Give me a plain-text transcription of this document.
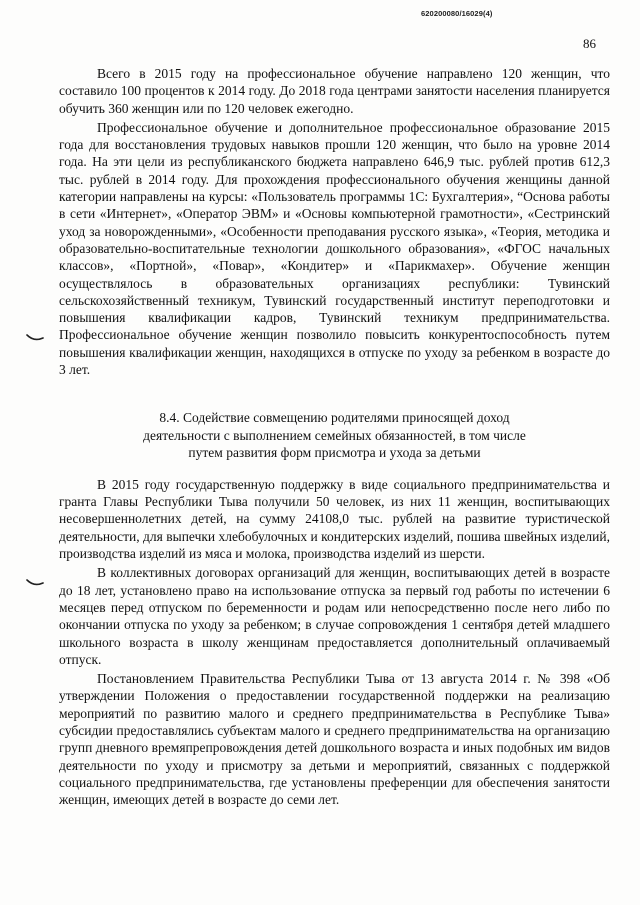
620200080/16029(4)
86

Всего в 2015 году на профессиональное обучение направлено 120 женщин, что составило 100 процентов к 2014 году. До 2018 года центрами занятости населения планируется обучить 360 женщин или по 120 человек ежегодно.

Профессиональное обучение и дополнительное профессиональное образование 2015 года для восстановления трудовых навыков прошли 120 женщин, что было на уровне 2014 года. На эти цели из республиканского бюджета направлено 646,9 тыс. рублей против 612,3 тыс. рублей в 2014 году. Для прохождения профессионального обучения женщины данной категории направлены на курсы: «Пользователь программы 1С: Бухгалтерия», “Основа работы в сети «Интернет», «Оператор ЭВМ» и «Основы компьютерной грамотности», «Сестринский уход за новорожденными», «Особенности преподавания русского языка», «Теория, методика и образовательно-воспитательные технологии дошкольного образования», «ФГОС начальных классов», «Портной», «Повар», «Кондитер» и «Парикмахер». Обучение женщин осуществлялось в образовательных организациях республики: Тувинский сельскохозяйственный техникум, Тувинский государственный институт переподготовки и повышения квалификации кадров, Тувинский техникум предпринимательства. Профессиональное обучение женщин позволило повысить конкурентоспособность путем повышения квалификации женщин, находящихся в отпуске по уходу за ребенком в возрасте до 3 лет.

8.4. Содействие совмещению родителями приносящей доход
деятельности с выполнением семейных обязанностей, в том числе
путем развития форм присмотра и ухода за детьми

В 2015 году государственную поддержку в виде социального предпринимательства и гранта Главы Республики Тыва получили 50 человек, из них 11 женщин, воспитывающих несовершеннолетних детей, на сумму 24108,0 тыс. рублей на развитие туристической деятельности, для выпечки хлебобулочных и кондитерских изделий, пошива швейных изделий, производства изделий из мяса и молока, производства изделий из шерсти.

В коллективных договорах организаций для женщин, воспитывающих детей в возрасте до 18 лет, установлено право на использование отпуска за первый год работы по истечении 6 месяцев перед отпуском по беременности и родам или непосредственно после него либо по окончании отпуска по уходу за ребенком; в случае сопровождения 1 сентября детей младшего школьного возраста в школу женщинам предоставляется дополнительный оплачиваемый отпуск.

Постановлением Правительства Республики Тыва от 13 августа 2014 г. № 398 «Об утверждении Положения о предоставлении государственной поддержки на реализацию мероприятий по развитию малого и среднего предпринимательства в Республике Тыва» субсидии предоставлялись субъектам малого и среднего предпринимательства на организацию групп дневного времяпрепровождения детей дошкольного возраста и иных подобных им видов деятельности по уходу и присмотру за детьми и мероприятий, связанных с поддержкой социального предпринимательства, где установлены преференции для обеспечения занятости женщин, имеющих детей в возрасте до семи лет.
